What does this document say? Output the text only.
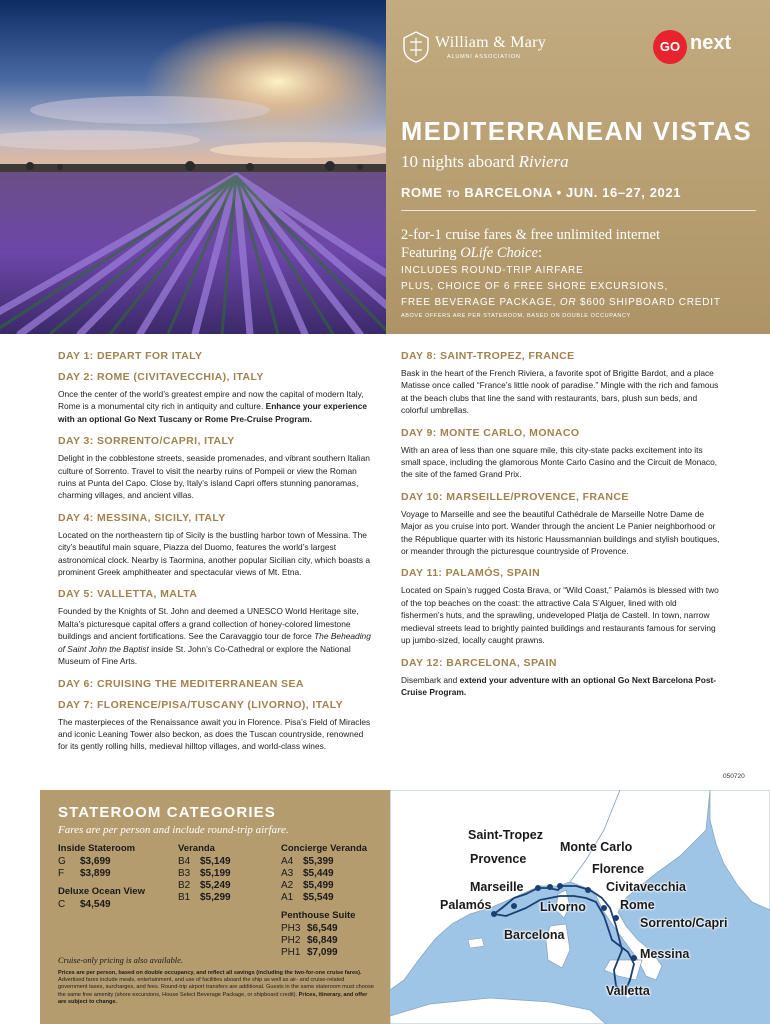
William & Mary
ALUMNI ASSOCIATION
GO next
MEDITERRANEAN VISTAS
10 nights aboard Riviera
ROME TO BARCELONA • JUN. 16–27, 2021
2-for-1 cruise fares & free unlimited internet
Featuring OLife Choice:
INCLUDES ROUND-TRIP AIRFARE
PLUS, CHOICE OF 6 FREE SHORE EXCURSIONS,
FREE BEVERAGE PACKAGE, OR $600 SHIPBOARD CREDIT
ABOVE OFFERS ARE PER STATEROOM, BASED ON DOUBLE OCCUPANCY
DAY 1: DEPART FOR ITALY
DAY 2: ROME (CIVITAVECCHIA), ITALY
Once the center of the world’s greatest empire and now the capital of modern Italy, Rome is a monumental city rich in antiquity and culture. Enhance your experience with an optional Go Next Tuscany or Rome Pre-Cruise Program.
DAY 3: SORRENTO/CAPRI, ITALY
Delight in the cobblestone streets, seaside promenades, and vibrant southern Italian culture of Sorrento. Travel to visit the nearby ruins of Pompeii or view the Roman ruins at Punta del Capo. Close by, Italy’s island Capri offers stunning panoramas, charming villages, and ancient villas.
DAY 4: MESSINA, SICILY, ITALY
Located on the northeastern tip of Sicily is the bustling harbor town of Messina. The city’s beautiful main square, Piazza del Duomo, features the world’s largest astronomical clock. Nearby is Taormina, another popular Sicilian city, which boasts a prominent Greek amphitheater and spectacular views of Mt. Etna.
DAY 5: VALLETTA, MALTA
Founded by the Knights of St. John and deemed a UNESCO World Heritage site, Malta’s picturesque capital offers a grand collection of honey-colored limestone buildings and ancient fortifications. See the Caravaggio tour de force The Beheading of Saint John the Baptist inside St. John’s Co-Cathedral or explore the National Museum of Fine Arts.
DAY 6: CRUISING THE MEDITERRANEAN SEA
DAY 7: FLORENCE/PISA/TUSCANY (LIVORNO), ITALY
The masterpieces of the Renaissance await you in Florence. Pisa’s Field of Miracles and iconic Leaning Tower also beckon, as does the Tuscan countryside, renowned for its gently rolling hills, medieval hilltop villages, and world-class wines.
DAY 8: SAINT-TROPEZ, FRANCE
Bask in the heart of the French Riviera, a favorite spot of Brigitte Bardot, and a place Matisse once called “France’s little nook of paradise.” Mingle with the rich and famous at the beach clubs that line the sand with restaurants, bars, plush sun beds, and colorful umbrellas.
DAY 9: MONTE CARLO, MONACO
With an area of less than one square mile, this city-state packs excitement into its small space, including the glamorous Monte Carlo Casino and the Circuit de Monaco, the site of the famed Grand Prix.
DAY 10: MARSEILLE/PROVENCE, FRANCE
Voyage to Marseille and see the beautiful Cathédrale de Marseille Notre Dame de Major as you cruise into port. Wander through the ancient Le Panier neighborhood or the République quarter with its historic Haussmannian buildings and stylish boutiques, or meander through the picturesque countryside of Provence.
DAY 11: PALAMÓS, SPAIN
Located on Spain’s rugged Costa Brava, or “Wild Coast,” Palamós is blessed with two of the top beaches on the coast: the attractive Cala S’Alguer, lined with old fishermen’s huts, and the sprawling, undeveloped Platja de Castell. In town, narrow medieval streets lead to brightly painted buildings and restaurants famous for serving up jumbo-sized, locally caught prawns.
DAY 12: BARCELONA, SPAIN
Disembark and extend your adventure with an optional Go Next Barcelona Post-Cruise Program.
050720
STATEROOM CATEGORIES
Fares are per person and include round-trip airfare.
Inside Stateroom
G	$3,699
F	$3,899
Deluxe Ocean View
C	$4,549
Veranda
B4 $5,149
B3 $5,199
B2 $5,249
B1 $5,299
Concierge Veranda
A4 $5,399
A3 $5,449
A2 $5,499
A1 $5,549
Penthouse Suite
PH3 $6,549
PH2 $6,849
PH1 $7,099
Cruise-only pricing is also available.
Prices are per person, based on double occupancy, and reflect all savings (including the two-for-one cruise fares). Advertised fares include meals, entertainment, and use of facilities aboard the ship as well as air- and cruise-related government taxes, surcharges, and fees. Round-trip airport transfers are additional. Guests in the same stateroom must choose the same free amenity (shore excursions, House Select Beverage Package, or shipboard credit). Prices, itinerary, and offer are subject to change.
Saint-Tropez
Monte Carlo
Provence
Florence
Marseille	Civitavecchia
Palamós	Livorno	Rome
Sorrento/Capri
Barcelona
Messina
Valletta
